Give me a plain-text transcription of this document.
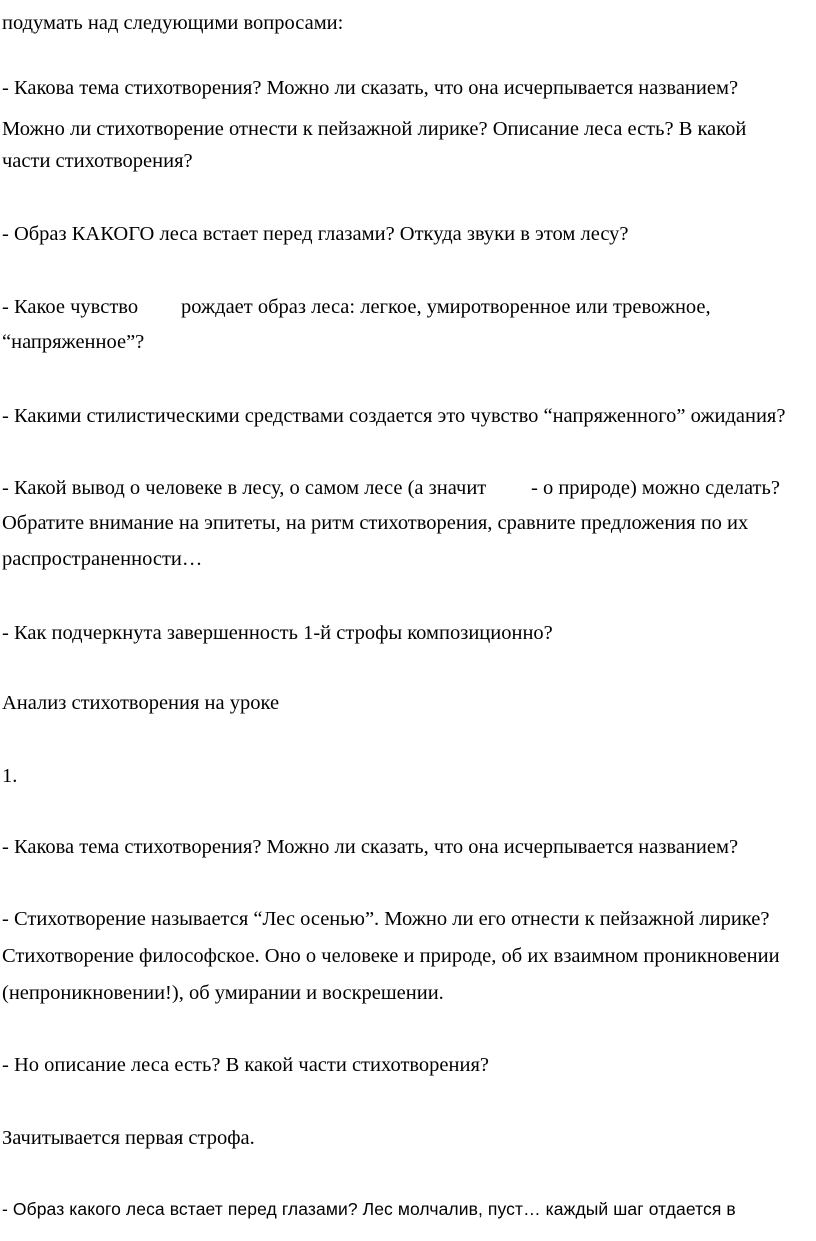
подумать над следующими вопросами:

- Какова тема стихотворения? Можно ли сказать, что она исчерпывается названием?

Можно ли стихотворение отнести к пейзажной лирике? Описание леса есть? В какой

части стихотворения?

- Образ КАКОГО леса встает перед глазами? Откуда звуки в этом лесу?

- Какое чувство рождает образ леса: легкое, умиротворенное или тревожное,

“напряженное”?

- Какими стилистическими средствами создается это чувство “напряженного” ожидания?

- Какой вывод о человеке в лесу, о самом лесе (а значит - о природе) можно сделать?

Обратите внимание на эпитеты, на ритм стихотворения, сравните предложения по их

распространенности…

- Как подчеркнута завершенность 1-й строфы композиционно?

Анализ стихотворения на уроке

1.

- Какова тема стихотворения? Можно ли сказать, что она исчерпывается названием?

- Стихотворение называется “Лес осенью”. Можно ли его отнести к пейзажной лирике?

Стихотворение философское. Оно о человеке и природе, об их взаимном проникновении

(непроникновении!), об умирании и воскрешении.

- Но описание леса есть? В какой части стихотворения?

Зачитывается первая строфа.

- Образ какого леса встает перед глазами? Лес молчалив, пуст… каждый шаг отдается в
